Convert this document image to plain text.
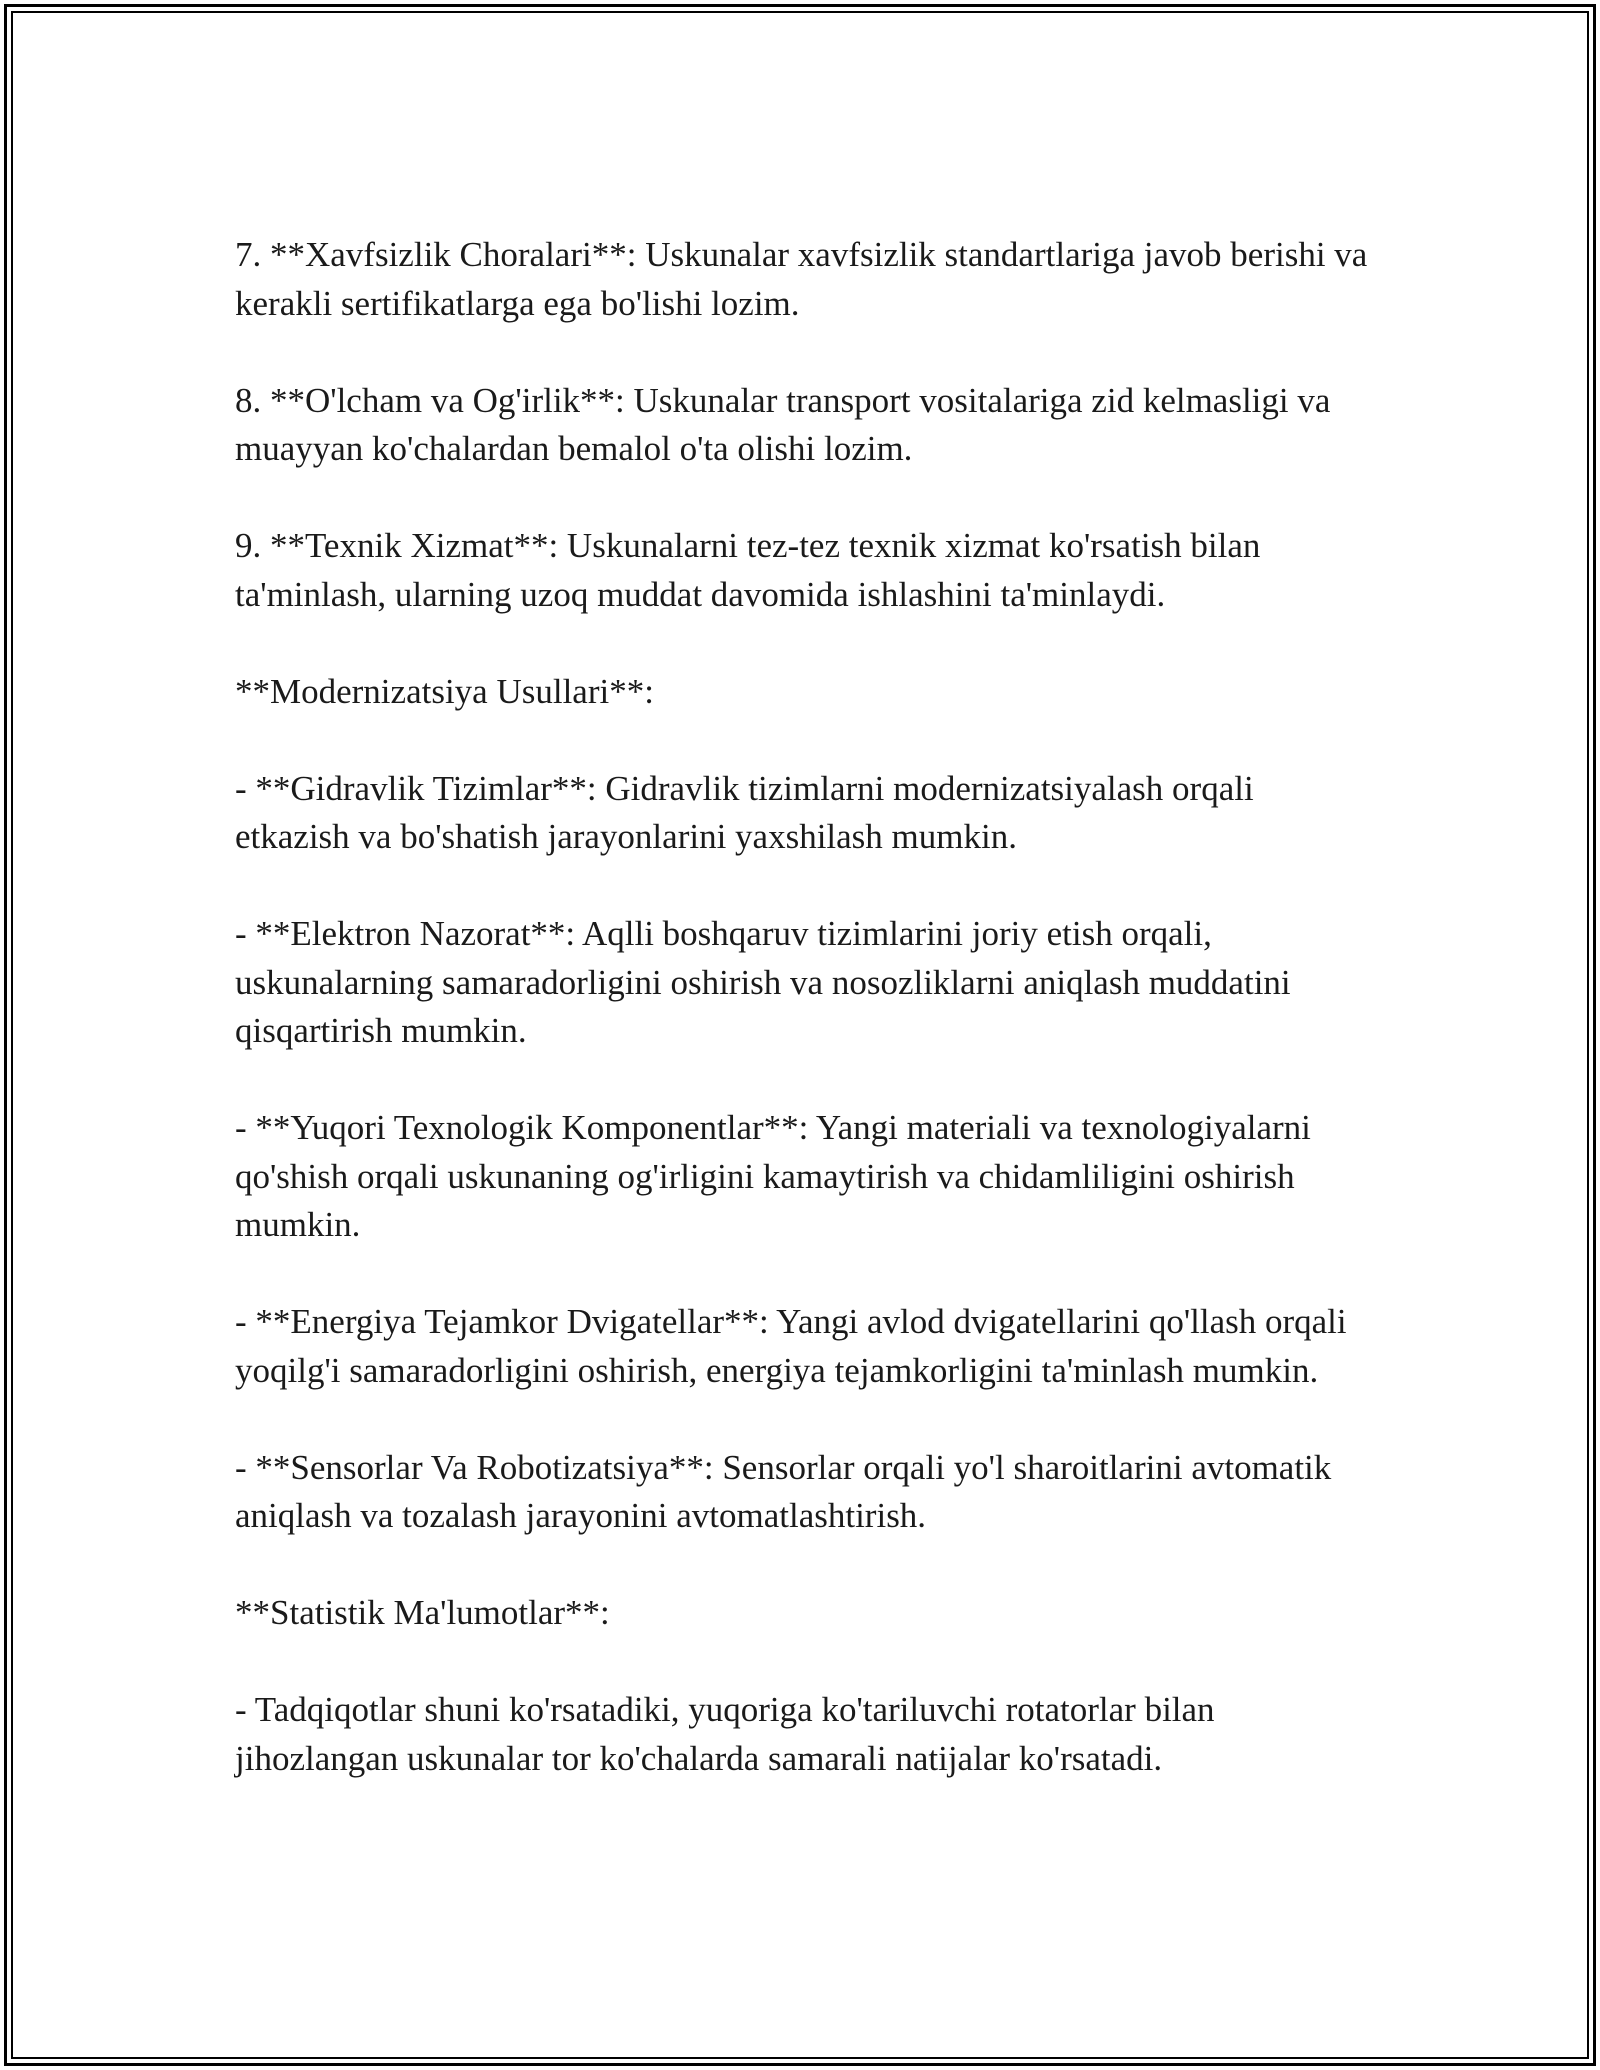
7. **Xavfsizlik Choralari**: Uskunalar xavfsizlik standartlariga javob berishi va kerakli sertifikatlarga ega bo'lishi lozim.

8. **O'lcham va Og'irlik**: Uskunalar transport vositalariga zid kelmasligi va muayyan ko'chalardan bemalol o'ta olishi lozim.

9. **Texnik Xizmat**: Uskunalarni tez-tez texnik xizmat ko'rsatish bilan ta'minlash, ularning uzoq muddat davomida ishlashini ta'minlaydi.

**Modernizatsiya Usullari**:

- **Gidravlik Tizimlar**: Gidravlik tizimlarni modernizatsiyalash orqali etkazish va bo'shatish jarayonlarini yaxshilash mumkin.

- **Elektron Nazorat**: Aqlli boshqaruv tizimlarini joriy etish orqali, uskunalarning samaradorligini oshirish va nosozliklarni aniqlash muddatini qisqartirish mumkin.

- **Yuqori Texnologik Komponentlar**: Yangi materiali va texnologiyalarni qo'shish orqali uskunaning og'irligini kamaytirish va chidamliligini oshirish mumkin.

- **Energiya Tejamkor Dvigatellar**: Yangi avlod dvigatellarini qo'llash orqali yoqilg'i samaradorligini oshirish, energiya tejamkorligini ta'minlash mumkin.

- **Sensorlar Va Robotizatsiya**: Sensorlar orqali yo'l sharoitlarini avtomatik aniqlash va tozalash jarayonini avtomatlashtirish.

**Statistik Ma'lumotlar**:

- Tadqiqotlar shuni ko'rsatadiki, yuqoriga ko'tariluvchi rotatorlar bilan jihozlangan uskunalar tor ko'chalarda samarali natijalar ko'rsatadi.
